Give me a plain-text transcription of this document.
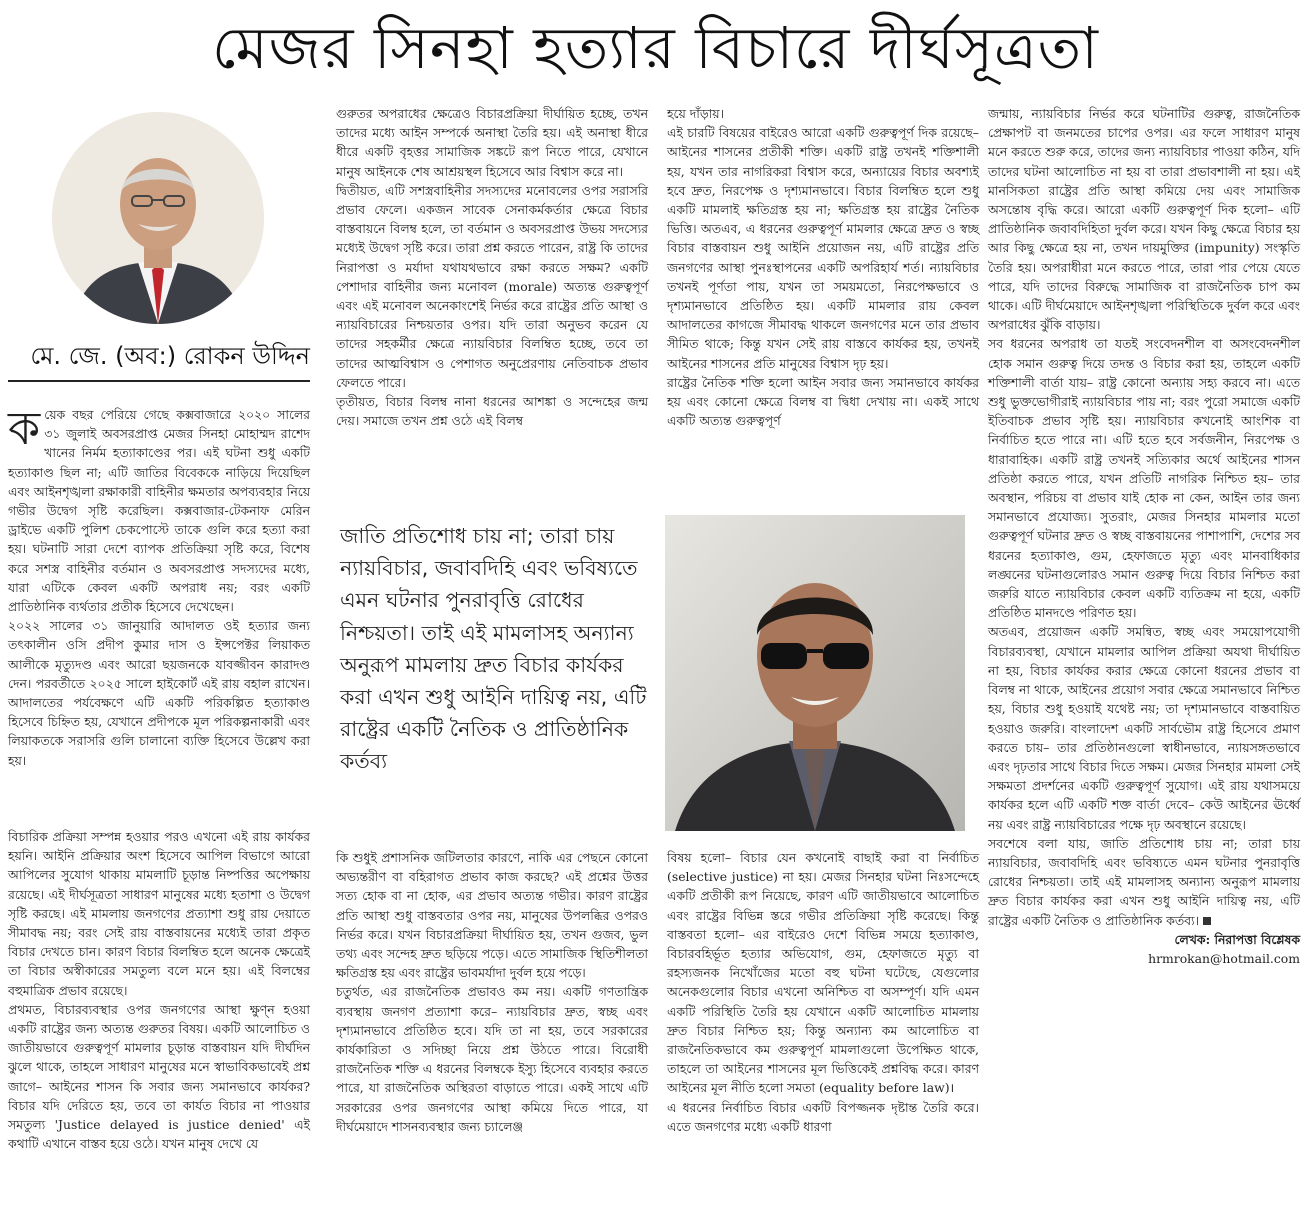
মেজর সিনহা হত্যার বিচারে দীর্ঘসূত্রতা
মে. জে. (অব:) রোকন উদ্দিন

কয়েক বছর পেরিয়ে গেছে কক্সবাজারে ২০২০ সালের ৩১ জুলাই অবসরপ্রাপ্ত মেজর সিনহা মোহাম্মদ রাশেদ খানের নির্মম হত্যাকাণ্ডের পর। এই ঘটনা শুধু একটি হত্যাকাণ্ড ছিল না; এটি জাতির বিবেককে নাড়িয়ে দিয়েছিল এবং আইনশৃঙ্খলা রক্ষাকারী বাহিনীর ক্ষমতার অপব্যবহার নিয়ে গভীর উদ্বেগ সৃষ্টি করেছিল। কক্সবাজার-টেকনাফ মেরিন ড্রাইভে একটি পুলিশ চেকপোস্টে তাকে গুলি করে হত্যা করা হয়। ঘটনাটি সারা দেশে ব্যাপক প্রতিক্রিয়া সৃষ্টি করে, বিশেষ করে সশস্ত্র বাহিনীর বর্তমান ও অবসরপ্রাপ্ত সদস্যদের মধ্যে, যারা এটিকে কেবল একটি অপরাধ নয়; বরং একটি প্রাতিষ্ঠানিক ব্যর্থতার প্রতীক হিসেবে দেখেছেন।

২০২২ সালের ৩১ জানুয়ারি আদালত ওই হত্যার জন্য তৎকালীন ওসি প্রদীপ কুমার দাস ও ইন্সপেক্টর লিয়াকত আলীকে মৃত্যুদণ্ড এবং আরো ছয়জনকে যাবজ্জীবন কারাদণ্ড দেন। পরবর্তীতে ২০২৫ সালে হাইকোর্ট এই রায় বহাল রাখেন। আদালতের পর্যবেক্ষণে এটি একটি পরিকল্পিত হত্যাকাণ্ড হিসেবে চিহ্নিত হয়, যেখানে প্রদীপকে মূল পরিকল্পনাকারী এবং লিয়াকতকে সরাসরি গুলি চালানো ব্যক্তি হিসেবে উল্লেখ করা হয়।

বিচারিক প্রক্রিয়া সম্পন্ন হওয়ার পরও এখনো এই রায় কার্যকর হয়নি। আইনি প্রক্রিয়ার অংশ হিসেবে আপিল বিভাগে আরো আপিলের সুযোগ থাকায় মামলাটি চূড়ান্ত নিষ্পত্তির অপেক্ষায় রয়েছে। এই দীর্ঘসূত্রতা সাধারণ মানুষের মধ্যে হতাশা ও উদ্বেগ সৃষ্টি করছে। এই মামলায় জনগণের প্রত্যাশা শুধু রায় দেয়াতে সীমাবদ্ধ নয়; বরং সেই রায় বাস্তবায়নের মধ্যেই তারা প্রকৃত বিচার দেখতে চান। কারণ বিচার বিলম্বিত হলে অনেক ক্ষেত্রেই তা বিচার অস্বীকারের সমতুল্য বলে মনে হয়। এই বিলম্বের বহুমাত্রিক প্রভাব রয়েছে।

প্রথমত, বিচারব্যবস্থার ওপর জনগণের আস্থা ক্ষুণ্ন হওয়া একটি রাষ্ট্রের জন্য অত্যন্ত গুরুতর বিষয়। একটি আলোচিত ও জাতীয়ভাবে গুরুত্বপূর্ণ মামলার চূড়ান্ত বাস্তবায়ন যদি দীর্ঘদিন ঝুলে থাকে, তাহলে সাধারণ মানুষের মনে স্বাভাবিকভাবেই প্রশ্ন জাগে– আইনের শাসন কি সবার জন্য সমানভাবে কার্যকর? বিচার যদি দেরিতে হয়, তবে তা কার্যত বিচার না পাওয়ার সমতুল্য 'Justice delayed is justice denied' এই কথাটি এখানে বাস্তব হয়ে ওঠে। যখন মানুষ দেখে যে

গুরুতর অপরাধের ক্ষেত্রেও বিচারপ্রক্রিয়া দীর্ঘায়িত হচ্ছে, তখন তাদের মধ্যে আইন সম্পর্কে অনাস্থা তৈরি হয়। এই অনাস্থা ধীরে ধীরে একটি বৃহত্তর সামাজিক সঙ্কটে রূপ নিতে পারে, যেখানে মানুষ আইনকে শেষ আশ্রয়স্থল হিসেবে আর বিশ্বাস করে না।

দ্বিতীয়ত, এটি সশস্ত্রবাহিনীর সদস্যদের মনোবলের ওপর সরাসরি প্রভাব ফেলে। একজন সাবেক সেনাকর্মকর্তার ক্ষেত্রে বিচার বাস্তবায়নে বিলম্ব হলে, তা বর্তমান ও অবসরপ্রাপ্ত উভয় সদস্যের মধ্যেই উদ্বেগ সৃষ্টি করে। তারা প্রশ্ন করতে পারেন, রাষ্ট্র কি তাদের নিরাপত্তা ও মর্যাদা যথাযথভাবে রক্ষা করতে সক্ষম? একটি পেশাদার বাহিনীর জন্য মনোবল (morale) অত্যন্ত গুরুত্বপূর্ণ এবং এই মনোবল অনেকাংশেই নির্ভর করে রাষ্ট্রের প্রতি আস্থা ও ন্যায়বিচারের নিশ্চয়তার ওপর। যদি তারা অনুভব করেন যে তাদের সহকর্মীর ক্ষেত্রে ন্যায়বিচার বিলম্বিত হচ্ছে, তবে তা তাদের আত্মবিশ্বাস ও পেশাগত অনুপ্রেরণায় নেতিবাচক প্রভাব ফেলতে পারে।

তৃতীয়ত, বিচার বিলম্ব নানা ধরনের আশঙ্কা ও সন্দেহের জন্ম দেয়। সমাজে তখন প্রশ্ন ওঠে এই বিলম্ব

জাতি প্রতিশোধ চায় না; তারা চায় ন্যায়বিচার, জবাবদিহি এবং ভবিষ্যতে এমন ঘটনার পুনরাবৃত্তি রোধের নিশ্চয়তা। তাই এই মামলাসহ অন্যান্য অনুরূপ মামলায় দ্রুত বিচার কার্যকর করা এখন শুধু আইনি দায়িত্ব নয়, এটি রাষ্ট্রের একটি নৈতিক ও প্রাতিষ্ঠানিক কর্তব্য

কি শুধুই প্রশাসনিক জটিলতার কারণে, নাকি এর পেছনে কোনো অভ্যন্তরীণ বা বহিরাগত প্রভাব কাজ করছে? এই প্রশ্নের উত্তর সত্য হোক বা না হোক, এর প্রভাব অত্যন্ত গভীর। কারণ রাষ্ট্রের প্রতি আস্থা শুধু বাস্তবতার ওপর নয়, মানুষের উপলব্ধির ওপরও নির্ভর করে। যখন বিচারপ্রক্রিয়া দীর্ঘায়িত হয়, তখন গুজব, ভুল তথ্য এবং সন্দেহ দ্রুত ছড়িয়ে পড়ে। এতে সামাজিক স্থিতিশীলতা ক্ষতিগ্রস্ত হয় এবং রাষ্ট্রের ভাবমর্যাদা দুর্বল হয়ে পড়ে।

চতুর্থত, এর রাজনৈতিক প্রভাবও কম নয়। একটি গণতান্ত্রিক ব্যবস্থায় জনগণ প্রত্যাশা করে– ন্যায়বিচার দ্রুত, স্বচ্ছ এবং দৃশ্যমানভাবে প্রতিষ্ঠিত হবে। যদি তা না হয়, তবে সরকারের কার্যকারিতা ও সদিচ্ছা নিয়ে প্রশ্ন উঠতে পারে। বিরোধী রাজনৈতিক শক্তি এ ধরনের বিলম্বকে ইস্যু হিসেবে ব্যবহার করতে পারে, যা রাজনৈতিক অস্থিরতা বাড়াতে পারে। একই সাথে এটি সরকারের ওপর জনগণের আস্থা কমিয়ে দিতে পারে, যা দীর্ঘমেয়াদে শাসনব্যবস্থার জন্য চ্যালেঞ্জ

হয়ে দাঁড়ায়।

এই চারটি বিষয়ের বাইরেও আরো একটি গুরুত্বপূর্ণ দিক রয়েছে– আইনের শাসনের প্রতীকী শক্তি। একটি রাষ্ট্র তখনই শক্তিশালী হয়, যখন তার নাগরিকরা বিশ্বাস করে, অন্যায়ের বিচার অবশ্যই হবে দ্রুত, নিরপেক্ষ ও দৃশ্যমানভাবে। বিচার বিলম্বিত হলে শুধু একটি মামলাই ক্ষতিগ্রস্ত হয় না; ক্ষতিগ্রস্ত হয় রাষ্ট্রের নৈতিক ভিত্তি। অতএব, এ ধরনের গুরুত্বপূর্ণ মামলার ক্ষেত্রে দ্রুত ও স্বচ্ছ বিচার বাস্তবায়ন শুধু আইনি প্রয়োজন নয়, এটি রাষ্ট্রের প্রতি জনগণের আস্থা পুনঃস্থাপনের একটি অপরিহার্য শর্ত। ন্যায়বিচার তখনই পূর্ণতা পায়, যখন তা সময়মতো, নিরপেক্ষভাবে ও দৃশ্যমানভাবে প্রতিষ্ঠিত হয়। একটি মামলার রায় কেবল আদালতের কাগজে সীমাবদ্ধ থাকলে জনগণের মনে তার প্রভাব সীমিত থাকে; কিন্তু যখন সেই রায় বাস্তবে কার্যকর হয়, তখনই আইনের শাসনের প্রতি মানুষের বিশ্বাস দৃঢ় হয়।

রাষ্ট্রের নৈতিক শক্তি হলো আইন সবার জন্য সমানভাবে কার্যকর হয় এবং কোনো ক্ষেত্রে বিলম্ব বা দ্বিধা দেখায় না। একই সাথে একটি অত্যন্ত গুরুত্বপূর্ণ

বিষয় হলো– বিচার যেন কখনোই বাছাই করা বা নির্বাচিত (selective justice) না হয়। মেজর সিনহার ঘটনা নিঃসন্দেহে একটি প্রতীকী রূপ নিয়েছে, কারণ এটি জাতীয়ভাবে আলোচিত এবং রাষ্ট্রের বিভিন্ন স্তরে গভীর প্রতিক্রিয়া সৃষ্টি করেছে। কিন্তু বাস্তবতা হলো– এর বাইরেও দেশে বিভিন্ন সময়ে হত্যাকাণ্ড, বিচারবহির্ভূত হত্যার অভিযোগ, গুম, হেফাজতে মৃত্যু বা রহস্যজনক নিখোঁজের মতো বহু ঘটনা ঘটেছে, যেগুলোর অনেকগুলোর বিচার এখনো অনিশ্চিত বা অসম্পূর্ণ। যদি এমন একটি পরিস্থিতি তৈরি হয় যেখানে একটি আলোচিত মামলায় দ্রুত বিচার নিশ্চিত হয়; কিন্তু অন্যান্য কম আলোচিত বা রাজনৈতিকভাবে কম গুরুত্বপূর্ণ মামলাগুলো উপেক্ষিত থাকে, তাহলে তা আইনের শাসনের মূল ভিত্তিকেই প্রশ্নবিদ্ধ করে। কারণ আইনের মূল নীতি হলো সমতা (equality before law)।

এ ধরনের নির্বাচিত বিচার একটি বিপজ্জনক দৃষ্টান্ত তৈরি করে। এতে জনগণের মধ্যে একটি ধারণা

জন্মায়, ন্যায়বিচার নির্ভর করে ঘটনাটির গুরুত্ব, রাজনৈতিক প্রেক্ষাপট বা জনমতের চাপের ওপর। এর ফলে সাধারণ মানুষ মনে করতে শুরু করে, তাদের জন্য ন্যায়বিচার পাওয়া কঠিন, যদি তাদের ঘটনা আলোচিত না হয় বা তারা প্রভাবশালী না হয়। এই মানসিকতা রাষ্ট্রের প্রতি আস্থা কমিয়ে দেয় এবং সামাজিক অসন্তোষ বৃদ্ধি করে। আরো একটি গুরুত্বপূর্ণ দিক হলো– এটি প্রাতিষ্ঠানিক জবাবদিহিতা দুর্বল করে। যখন কিছু ক্ষেত্রে বিচার হয় আর কিছু ক্ষেত্রে হয় না, তখন দায়মুক্তির (impunity) সংস্কৃতি তৈরি হয়। অপরাধীরা মনে করতে পারে, তারা পার পেয়ে যেতে পারে, যদি তাদের বিরুদ্ধে সামাজিক বা রাজনৈতিক চাপ কম থাকে। এটি দীর্ঘমেয়াদে আইনশৃঙ্খলা পরিস্থিতিকে দুর্বল করে এবং অপরাধের ঝুঁকি বাড়ায়।

সব ধরনের অপরাধ তা যতই সংবেদনশীল বা অসংবেদনশীল হোক সমান গুরুত্ব দিয়ে তদন্ত ও বিচার করা হয়, তাহলে একটি শক্তিশালী বার্তা যায়– রাষ্ট্র কোনো অন্যায় সহ্য করবে না। এতে শুধু ভুক্তভোগীরাই ন্যায়বিচার পায় না; বরং পুরো সমাজে একটি ইতিবাচক প্রভাব সৃষ্টি হয়। ন্যায়বিচার কখনোই আংশিক বা নির্বাচিত হতে পারে না। এটি হতে হবে সর্বজনীন, নিরপেক্ষ ও ধারাবাহিক। একটি রাষ্ট্র তখনই সত্যিকার অর্থে আইনের শাসন প্রতিষ্ঠা করতে পারে, যখন প্রতিটি নাগরিক নিশ্চিত হয়– তার অবস্থান, পরিচয় বা প্রভাব যাই হোক না কেন, আইন তার জন্য সমানভাবে প্রযোজ্য। সুতরাং, মেজর সিনহার মামলার মতো গুরুত্বপূর্ণ ঘটনার দ্রুত ও স্বচ্ছ বাস্তবায়নের পাশাপাশি, দেশের সব ধরনের হত্যাকাণ্ড, গুম, হেফাজতে মৃত্যু এবং মানবাধিকার লঙ্ঘনের ঘটনাগুলোরও সমান গুরুত্ব দিয়ে বিচার নিশ্চিত করা জরুরি যাতে ন্যায়বিচার কেবল একটি ব্যতিক্রম না হয়ে, একটি প্রতিষ্ঠিত মানদণ্ডে পরিণত হয়।

অতএব, প্রয়োজন একটি সমন্বিত, স্বচ্ছ এবং সময়োপযোগী বিচারব্যবস্থা, যেখানে মামলার আপিল প্রক্রিয়া অযথা দীর্ঘায়িত না হয়, বিচার কার্যকর করার ক্ষেত্রে কোনো ধরনের প্রভাব বা বিলম্ব না থাকে, আইনের প্রয়োগ সবার ক্ষেত্রে সমানভাবে নিশ্চিত হয়, বিচার শুধু হওয়াই যথেষ্ট নয়; তা দৃশ্যমানভাবে বাস্তবায়িত হওয়াও জরুরি। বাংলাদেশ একটি সার্বভৌম রাষ্ট্র হিসেবে প্রমাণ করতে চায়– তার প্রতিষ্ঠানগুলো স্বাধীনভাবে, ন্যায়সঙ্গতভাবে এবং দৃঢ়তার সাথে বিচার দিতে সক্ষম। মেজর সিনহার মামলা সেই সক্ষমতা প্রদর্শনের একটি গুরুত্বপূর্ণ সুযোগ। এই রায় যথাসময়ে কার্যকর হলে এটি একটি শক্ত বার্তা দেবে– কেউ আইনের ঊর্ধ্বে নয় এবং রাষ্ট্র ন্যায়বিচারের পক্ষে দৃঢ় অবস্থানে রয়েছে।

সবশেষে বলা যায়, জাতি প্রতিশোধ চায় না; তারা চায় ন্যায়বিচার, জবাবদিহি এবং ভবিষ্যতে এমন ঘটনার পুনরাবৃত্তি রোধের নিশ্চয়তা। তাই এই মামলাসহ অন্যান্য অনুরূপ মামলায় দ্রুত বিচার কার্যকর করা এখন শুধু আইনি দায়িত্ব নয়, এটি রাষ্ট্রের একটি নৈতিক ও প্রাতিষ্ঠানিক কর্তব্য।

লেখক: নিরাপত্তা বিশ্লেষক

hrmrokan@hotmail.com
